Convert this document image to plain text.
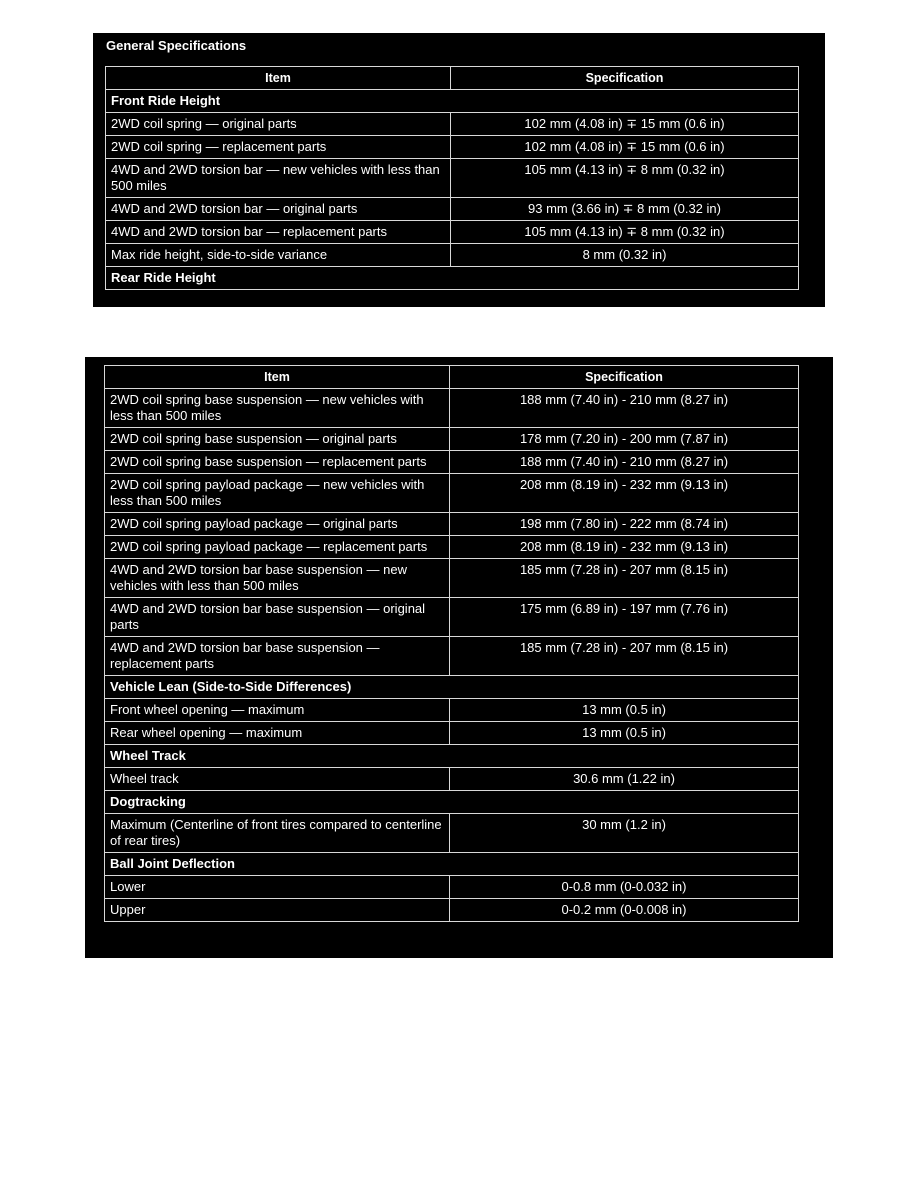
General Specifications
Item	Specification
Front Ride Height	
2WD coil spring — original parts	102 mm (4.08 in) ∓ 15 mm (0.6 in)
2WD coil spring — replacement parts	102 mm (4.08 in) ∓ 15 mm (0.6 in)
4WD and 2WD torsion bar — new vehicles with less than 500 miles	105 mm (4.13 in) ∓ 8 mm (0.32 in)
4WD and 2WD torsion bar — original parts	93 mm (3.66 in) ∓ 8 mm (0.32 in)
4WD and 2WD torsion bar — replacement parts	105 mm (4.13 in) ∓ 8 mm (0.32 in)
Max ride height, side-to-side variance	8 mm (0.32 in)
Rear Ride Height	
Item	Specification
2WD coil spring base suspension — new vehicles with less than 500 miles	188 mm (7.40 in) - 210 mm (8.27 in)
2WD coil spring base suspension — original parts	178 mm (7.20 in) - 200 mm (7.87 in)
2WD coil spring base suspension — replacement parts	188 mm (7.40 in) - 210 mm (8.27 in)
2WD coil spring payload package — new vehicles with less than 500 miles	208 mm (8.19 in) - 232 mm (9.13 in)
2WD coil spring payload package — original parts	198 mm (7.80 in) - 222 mm (8.74 in)
2WD coil spring payload package — replacement parts	208 mm (8.19 in) - 232 mm (9.13 in)
4WD and 2WD torsion bar base suspension — new vehicles with less than 500 miles	185 mm (7.28 in) - 207 mm (8.15 in)
4WD and 2WD torsion bar base suspension — original parts	175 mm (6.89 in) - 197 mm (7.76 in)
4WD and 2WD torsion bar base suspension — replacement parts	185 mm (7.28 in) - 207 mm (8.15 in)
Vehicle Lean (Side-to-Side Differences)	
Front wheel opening — maximum	13 mm (0.5 in)
Rear wheel opening — maximum	13 mm (0.5 in)
Wheel Track	
Wheel track	30.6 mm (1.22 in)
Dogtracking	
Maximum (Centerline of front tires compared to centerline of rear tires)	30 mm (1.2 in)
Ball Joint Deflection	
Lower	0-0.8 mm (0-0.032 in)
Upper	0-0.2 mm (0-0.008 in)
